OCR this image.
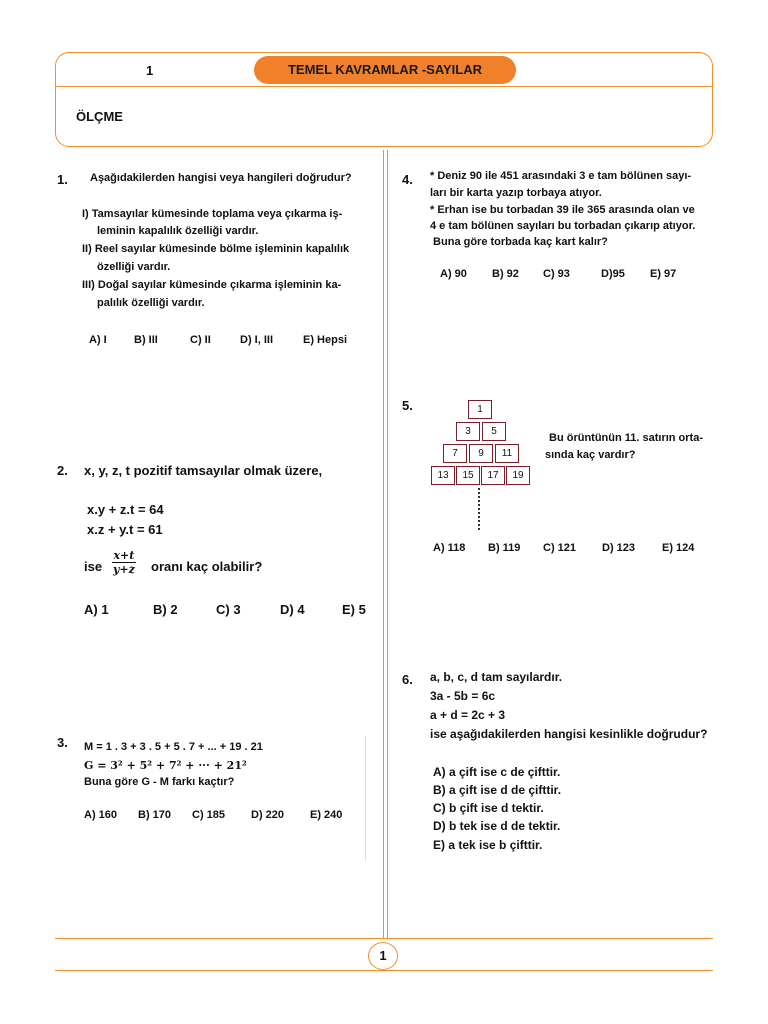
1	TEMEL KAVRAMLAR -SAYILAR
ÖLÇME
1. Aşağıdakilerden hangisi veya hangileri doğrudur?
I) Tamsayılar kümesinde toplama veya çıkarma iş-
leminin kapalılık özelliği vardır.
II) Reel sayılar kümesinde bölme işleminin kapalılık
özelliği vardır.
III) Doğal sayılar kümesinde çıkarma işleminin ka-
palılık özelliği vardır.
A) I B) III	C) II	D) I, III	E) Hepsi
2. x, y, z, t pozitif tamsayılar olmak üzere,
x.y + z.t = 64
x.z + y.t = 61
ise $\frac{x+t}{y+z}$ oranı kaç olabilir?
A) 1	B) 2	C) 3	D) 4	E) 5
3. M = 1 . 3 + 3 . 5 + 5 . 7 + ... + 19 . 21
G = 3² + 5² + 7² + ··· + 21²
Buna göre G - M farkı kaçtır?
A) 160 B) 170 C) 185 D) 220 E) 240
4. * Deniz 90 ile 451 arasındaki 3 e tam bölünen sayı-
ları bir karta yazıp torbaya atıyor.
* Erhan ise bu torbadan 39 ile 365 arasında olan ve
4 e tam bölünen sayıları bu torbadan çıkarıp atıyor.
Buna göre torbada kaç kart kalır?
A) 90 B) 92 C) 93	D)95 E) 97
5.	1
3	5
7	9	11
13	15	17	19
Bu örüntünün 11. satırın orta-
sında kaç vardır?
A) 118 B) 119 C) 121 D) 123 E) 124
6. a, b, c, d tam sayılardır.
3a - 5b = 6c
a + d = 2c + 3
ise aşağıdakilerden hangisi kesinlikle doğrudur?
A) a çift ise c de çifttir.
B) a çift ise d de çifttir.
C) b çift ise d tektir.
D) b tek ise d de tektir.
E) a tek ise b çifttir.
1
